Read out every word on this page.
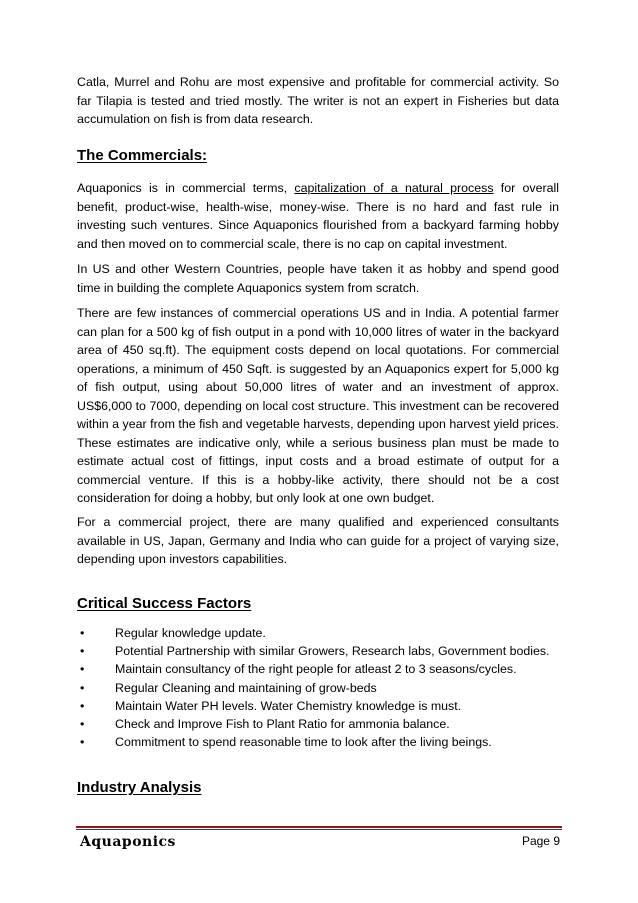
Catla, Murrel and Rohu are most expensive and profitable for commercial activity. So far Tilapia is tested and tried mostly. The writer is not an expert in Fisheries but data accumulation on fish is from data research.

The Commercials:

Aquaponics is in commercial terms, capitalization of a natural process for overall benefit, product-wise, health-wise, money-wise. There is no hard and fast rule in investing such ventures. Since Aquaponics flourished from a backyard farming hobby and then moved on to commercial scale, there is no cap on capital investment.

In US and other Western Countries, people have taken it as hobby and spend good time in building the complete Aquaponics system from scratch.

There are few instances of commercial operations US and in India. A potential farmer can plan for a 500 kg of fish output in a pond with 10,000 litres of water in the backyard area of 450 sq.ft). The equipment costs depend on local quotations. For commercial operations, a minimum of 450 Sqft. is suggested by an Aquaponics expert for 5,000 kg of fish output, using about 50,000 litres of water and an investment of approx. US$6,000 to 7000, depending on local cost structure. This investment can be recovered within a year from the fish and vegetable harvests, depending upon harvest yield prices. These estimates are indicative only, while a serious business plan must be made to estimate actual cost of fittings, input costs and a broad estimate of output for a commercial venture. If this is a hobby-like activity, there should not be a cost consideration for doing a hobby, but only look at one own budget.

For a commercial project, there are many qualified and experienced consultants available in US, Japan, Germany and India who can guide for a project of varying size, depending upon investors capabilities.

Critical Success Factors
• Regular knowledge update.
• Potential Partnership with similar Growers, Research labs, Government bodies.
• Maintain consultancy of the right people for atleast 2 to 3 seasons/cycles.
• Regular Cleaning and maintaining of grow-beds
• Maintain Water PH levels. Water Chemistry knowledge is must.
• Check and Improve Fish to Plant Ratio for ammonia balance.
• Commitment to spend reasonable time to look after the living beings.
Industry Analysis
Aquaponics	Page 9
